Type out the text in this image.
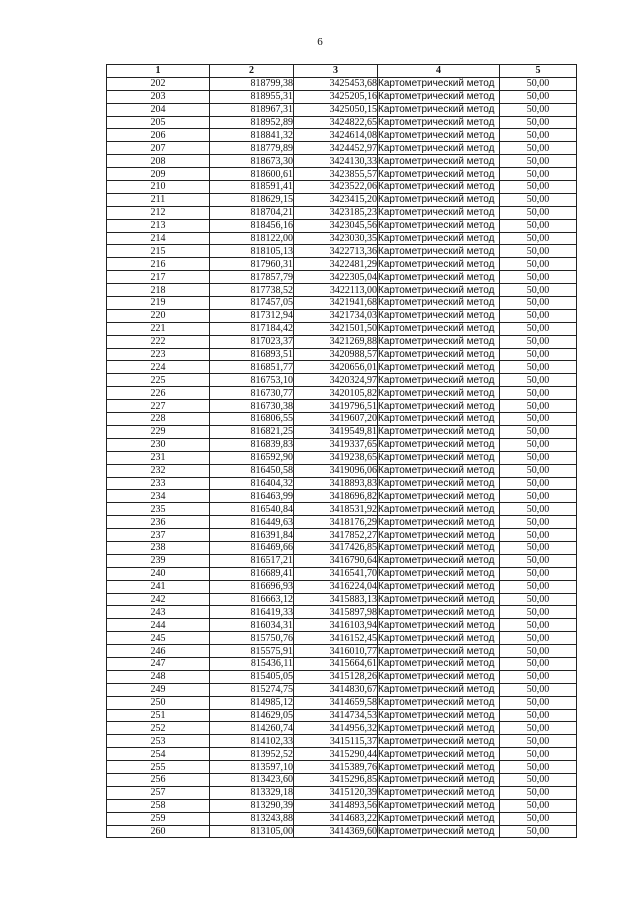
6
1	2	3	4	5
202	818799,38	3425453,68	Картометрический метод	50,00
203	818955,31	3425205,16	Картометрический метод	50,00
204	818967,31	3425050,15	Картометрический метод	50,00
205	818952,89	3424822,65	Картометрический метод	50,00
206	818841,32	3424614,08	Картометрический метод	50,00
207	818779,89	3424452,97	Картометрический метод	50,00
208	818673,30	3424130,33	Картометрический метод	50,00
209	818600,61	3423855,57	Картометрический метод	50,00
210	818591,41	3423522,06	Картометрический метод	50,00
211	818629,15	3423415,20	Картометрический метод	50,00
212	818704,21	3423185,23	Картометрический метод	50,00
213	818456,16	3423045,56	Картометрический метод	50,00
214	818122,00	3423030,35	Картометрический метод	50,00
215	818105,13	3422713,36	Картометрический метод	50,00
216	817960,31	3422481,29	Картометрический метод	50,00
217	817857,79	3422305,04	Картометрический метод	50,00
218	817738,52	3422113,00	Картометрический метод	50,00
219	817457,05	3421941,68	Картометрический метод	50,00
220	817312,94	3421734,03	Картометрический метод	50,00
221	817184,42	3421501,50	Картометрический метод	50,00
222	817023,37	3421269,88	Картометрический метод	50,00
223	816893,51	3420988,57	Картометрический метод	50,00
224	816851,77	3420656,01	Картометрический метод	50,00
225	816753,10	3420324,97	Картометрический метод	50,00
226	816730,77	3420105,82	Картометрический метод	50,00
227	816730,38	3419796,51	Картометрический метод	50,00
228	816806,55	3419607,20	Картометрический метод	50,00
229	816821,25	3419549,81	Картометрический метод	50,00
230	816839,83	3419337,65	Картометрический метод	50,00
231	816592,90	3419238,65	Картометрический метод	50,00
232	816450,58	3419096,06	Картометрический метод	50,00
233	816404,32	3418893,83	Картометрический метод	50,00
234	816463,99	3418696,82	Картометрический метод	50,00
235	816540,84	3418531,92	Картометрический метод	50,00
236	816449,63	3418176,29	Картометрический метод	50,00
237	816391,84	3417852,27	Картометрический метод	50,00
238	816469,66	3417426,85	Картометрический метод	50,00
239	816517,21	3416790,64	Картометрический метод	50,00
240	816689,41	3416541,70	Картометрический метод	50,00
241	816696,93	3416224,04	Картометрический метод	50,00
242	816663,12	3415883,13	Картометрический метод	50,00
243	816419,33	3415897,98	Картометрический метод	50,00
244	816034,31	3416103,94	Картометрический метод	50,00
245	815750,76	3416152,45	Картометрический метод	50,00
246	815575,91	3416010,77	Картометрический метод	50,00
247	815436,11	3415664,61	Картометрический метод	50,00
248	815405,05	3415128,26	Картометрический метод	50,00
249	815274,75	3414830,67	Картометрический метод	50,00
250	814985,12	3414659,58	Картометрический метод	50,00
251	814629,05	3414734,53	Картометрический метод	50,00
252	814260,74	3414956,32	Картометрический метод	50,00
253	814102,33	3415115,37	Картометрический метод	50,00
254	813952,52	3415290,44	Картометрический метод	50,00
255	813597,10	3415389,76	Картометрический метод	50,00
256	813423,60	3415296,85	Картометрический метод	50,00
257	813329,18	3415120,39	Картометрический метод	50,00
258	813290,39	3414893,56	Картометрический метод	50,00
259	813243,88	3414683,22	Картометрический метод	50,00
260	813105,00	3414369,60	Картометрический метод	50,00
